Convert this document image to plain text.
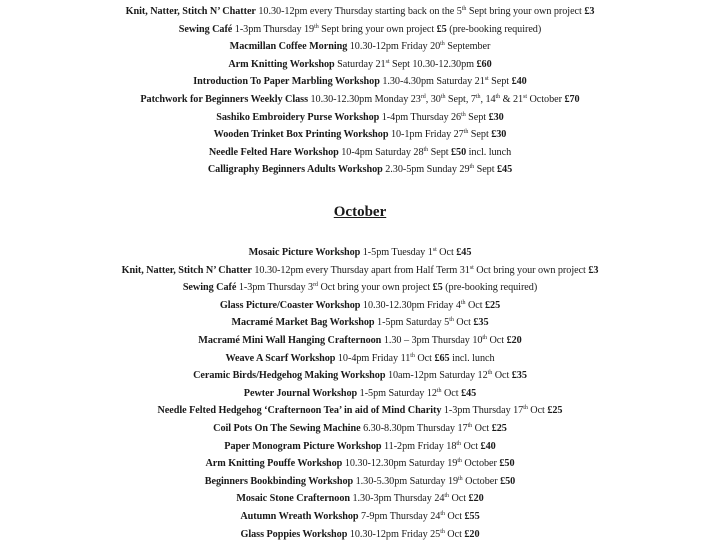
Knit, Natter, Stitch N’ Chatter 10.30-12pm every Thursday starting back on the 5th Sept bring your own project £3
Sewing Café 1-3pm Thursday 19th Sept bring your own project £5 (pre-booking required)
Macmillan Coffee Morning 10.30-12pm Friday 20th September
Arm Knitting Workshop Saturday 21st Sept 10.30-12.30pm £60
Introduction To Paper Marbling Workshop 1.30-4.30pm Saturday 21st Sept £40
Patchwork for Beginners Weekly Class 10.30-12.30pm Monday 23rd, 30th Sept, 7th, 14th & 21st October £70
Sashiko Embroidery Purse Workshop 1-4pm Thursday 26th Sept £30
Wooden Trinket Box Printing Workshop 10-1pm Friday 27th Sept £30
Needle Felted Hare Workshop 10-4pm Saturday 28th Sept £50 incl. lunch
Calligraphy Beginners Adults Workshop 2.30-5pm Sunday 29th Sept £45
October
Mosaic Picture Workshop 1-5pm Tuesday 1st Oct £45
Knit, Natter, Stitch N’ Chatter 10.30-12pm every Thursday apart from Half Term 31st Oct bring your own project £3
Sewing Café 1-3pm Thursday 3rd Oct bring your own project £5 (pre-booking required)
Glass Picture/Coaster Workshop 10.30-12.30pm Friday 4th Oct £25
Macramé Market Bag Workshop 1-5pm Saturday 5th Oct £35
Macramé Mini Wall Hanging Crafternoon 1.30 – 3pm Thursday 10th Oct £20
Weave A Scarf Workshop 10-4pm Friday 11th Oct £65 incl. lunch
Ceramic Birds/Hedgehog Making Workshop 10am-12pm Saturday 12th Oct £35
Pewter Journal Workshop 1-5pm Saturday 12th Oct £45
Needle Felted Hedgehog ‘Crafternoon Tea’ in aid of Mind Charity 1-3pm Thursday 17th Oct £25
Coil Pots On The Sewing Machine 6.30-8.30pm Thursday 17th Oct £25
Paper Monogram Picture Workshop 11-2pm Friday 18th Oct £40
Arm Knitting Pouffe Workshop 10.30-12.30pm Saturday 19th October £50
Beginners Bookbinding Workshop 1.30-5.30pm Saturday 19th October £50
Mosaic Stone Crafternoon 1.30-3pm Thursday 24th Oct £20
Autumn Wreath Workshop 7-9pm Thursday 24th Oct £55
Glass Poppies Workshop 10.30-12pm Friday 25th Oct £20
